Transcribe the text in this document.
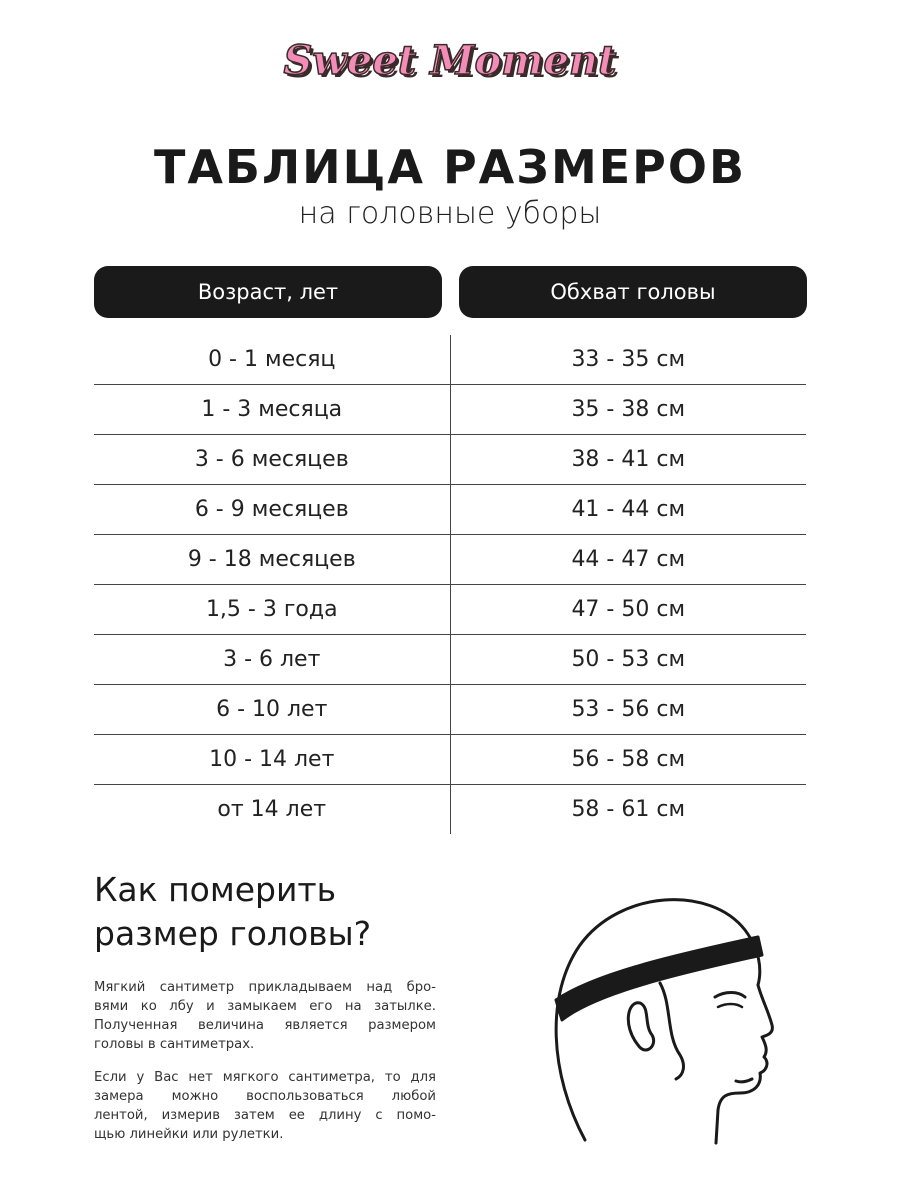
Sweet Moment
ТАБЛИЦА РАЗМЕРОВ
на головные уборы
Возраст, лет	Обхват головы
0 - 1 месяц	33 - 35 см
1 - 3 месяца	35 - 38 см
3 - 6 месяцев	38 - 41 см
6 - 9 месяцев	41 - 44 см
9 - 18 месяцев	44 - 47 см
1,5 - 3 года	47 - 50 см
3 - 6 лет	50 - 53 см
6 - 10 лет	53 - 56 см
10 - 14 лет	56 - 58 см
от 14 лет	58 - 61 см
Как померить
размер головы?
Мягкий сантиметр прикладываем над бро-
вями ко лбу и замыкаем его на затылке.
Полученная величина является размером
головы в сантиметрах.
Если у Вас нет мягкого сантиметра, то для
замера можно воспользоваться любой
лентой, измерив затем ее длину с помо-
щью линейки или рулетки.
